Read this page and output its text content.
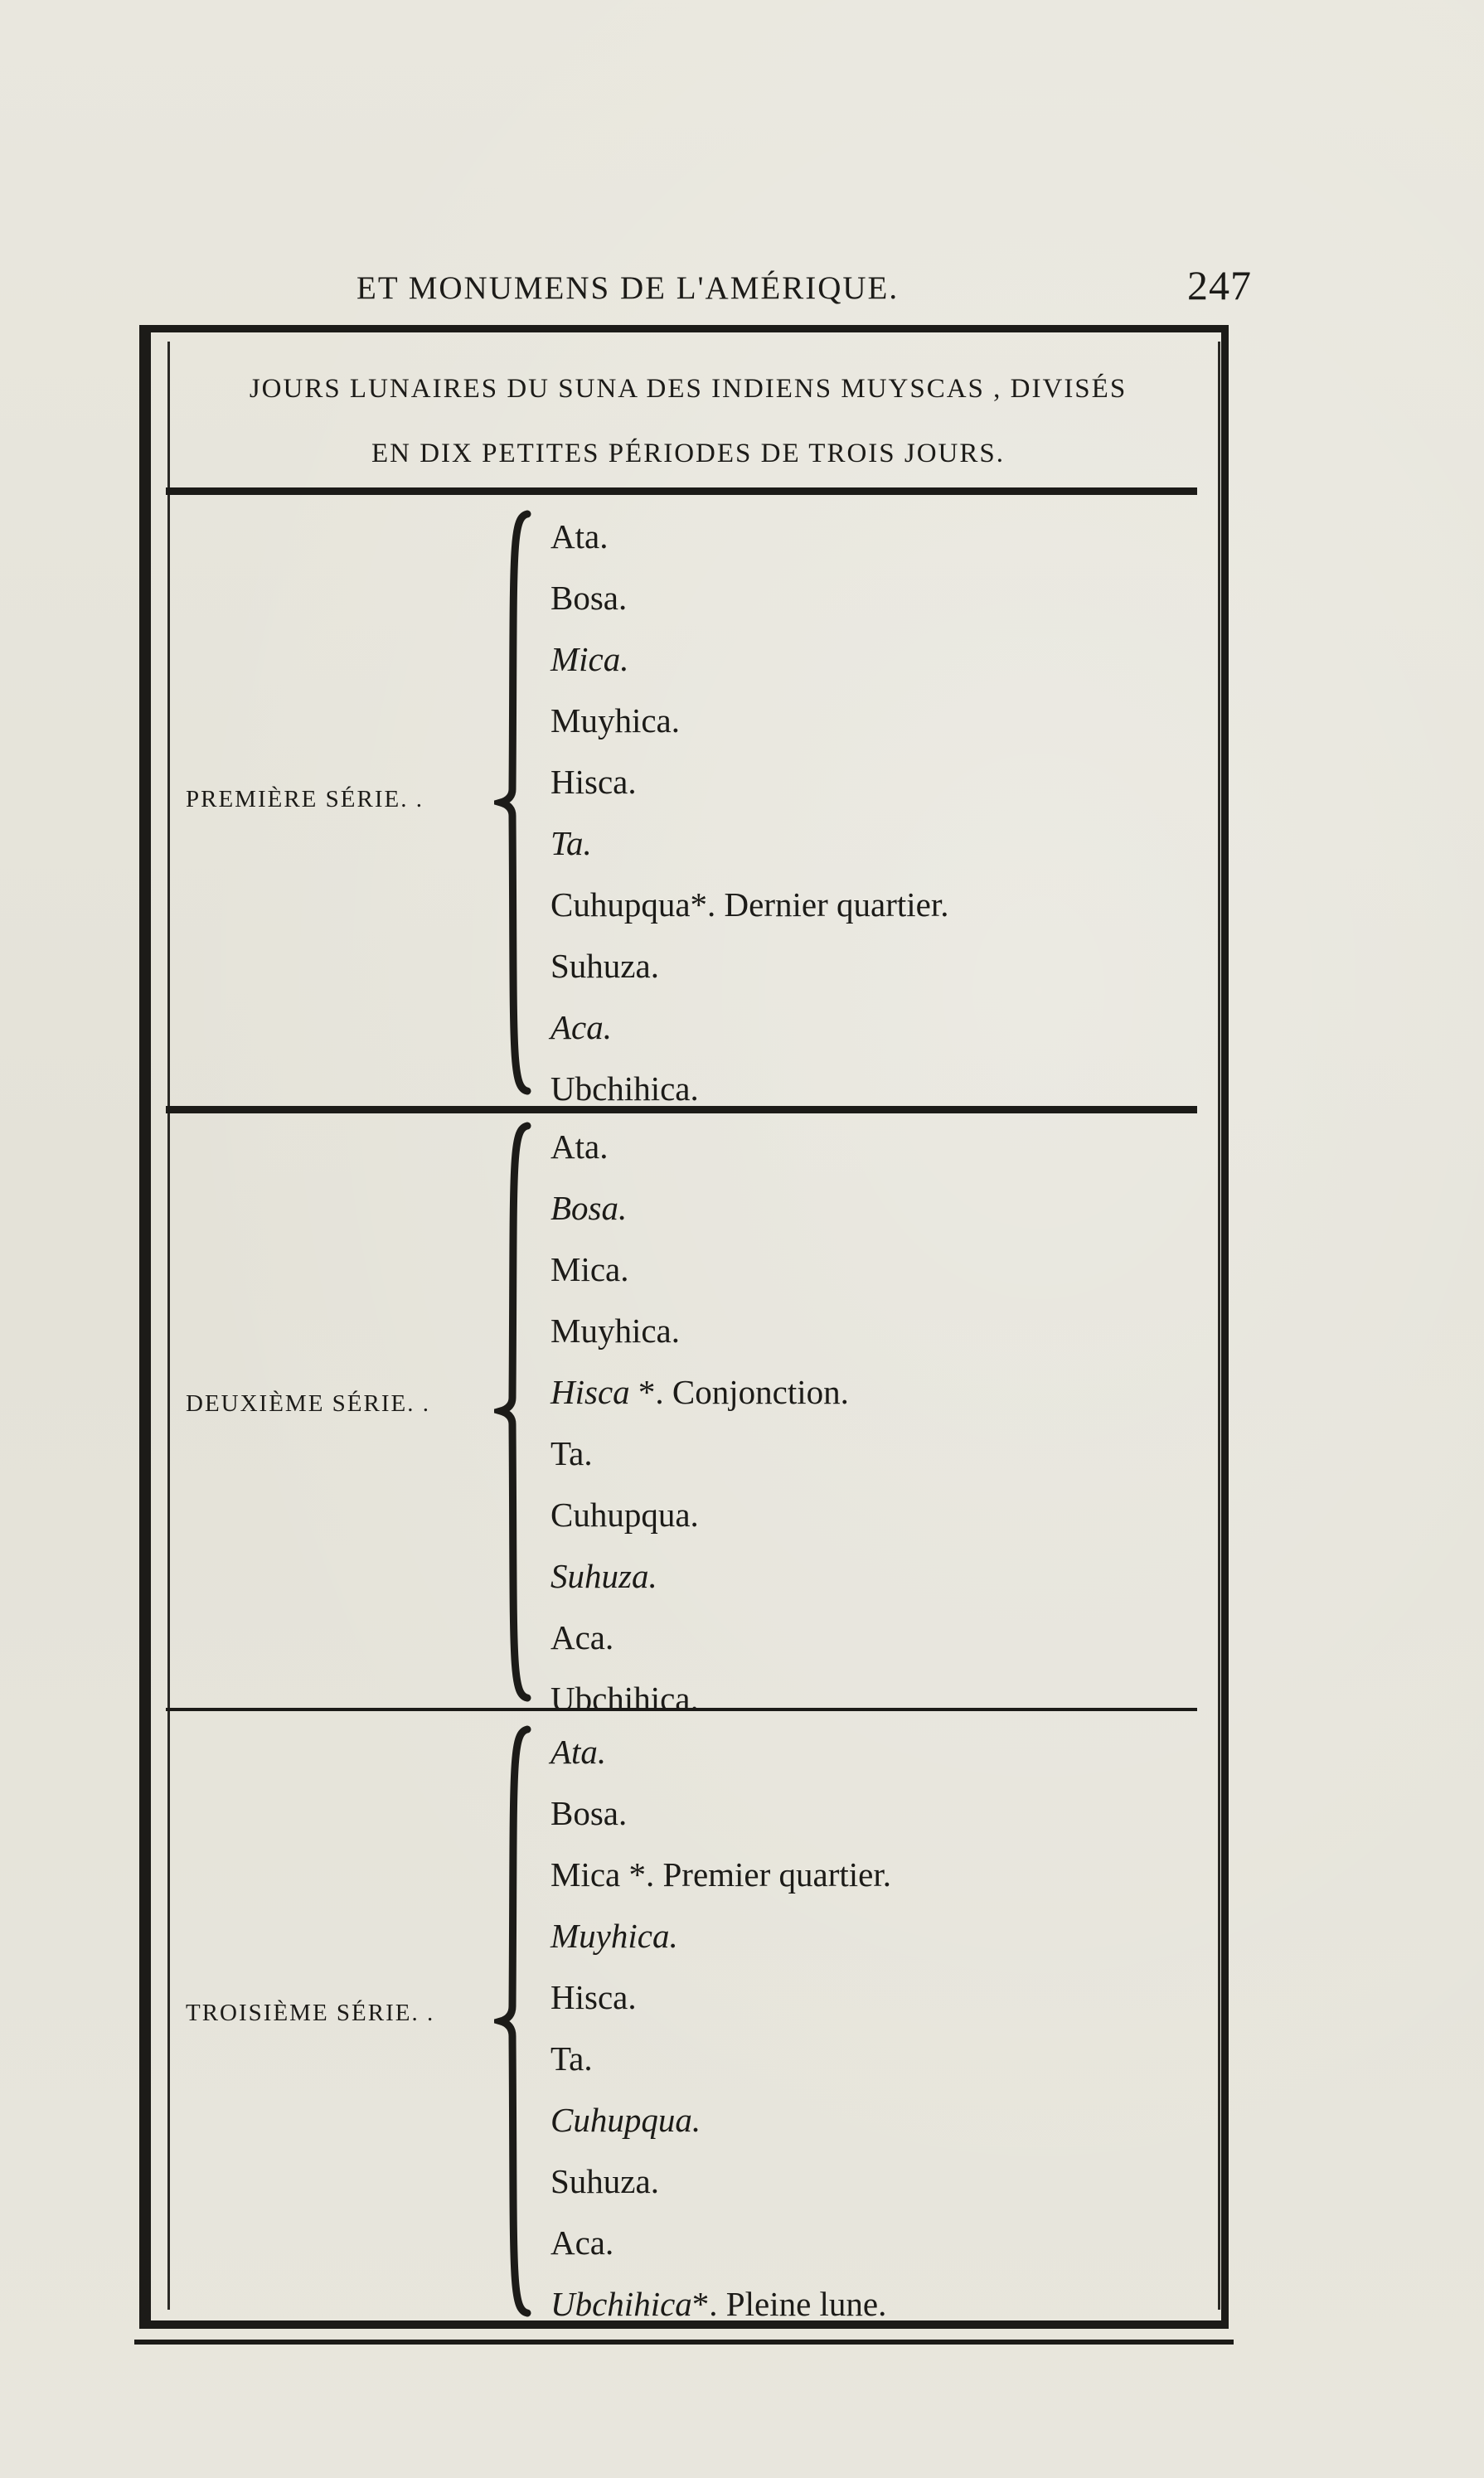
ET MONUMENS DE L'AMÉRIQUE.	247
JOURS LUNAIRES DU SUNA DES INDIENS MUYSCAS , DIVISÉS
EN DIX PETITES PÉRIODES DE TROIS JOURS.
PREMIÈRE SÉRIE. .
Ata.
Bosa.
Mica.
Muyhica.
Hisca.
Ta.
Cuhupqua*. Dernier quartier.
Suhuza.
Aca.
Ubchihica.
DEUXIÈME SÉRIE. .
Ata.
Bosa.
Mica.
Muyhica.
Hisca *. Conjonction.
Ta.
Cuhupqua.
Suhuza.
Aca.
Ubchihica.
TROISIÈME SÉRIE. .
Ata.
Bosa.
Mica *. Premier quartier.
Muyhica.
Hisca.
Ta.
Cuhupqua.
Suhuza.
Aca.
Ubchihica*. Pleine lune.
